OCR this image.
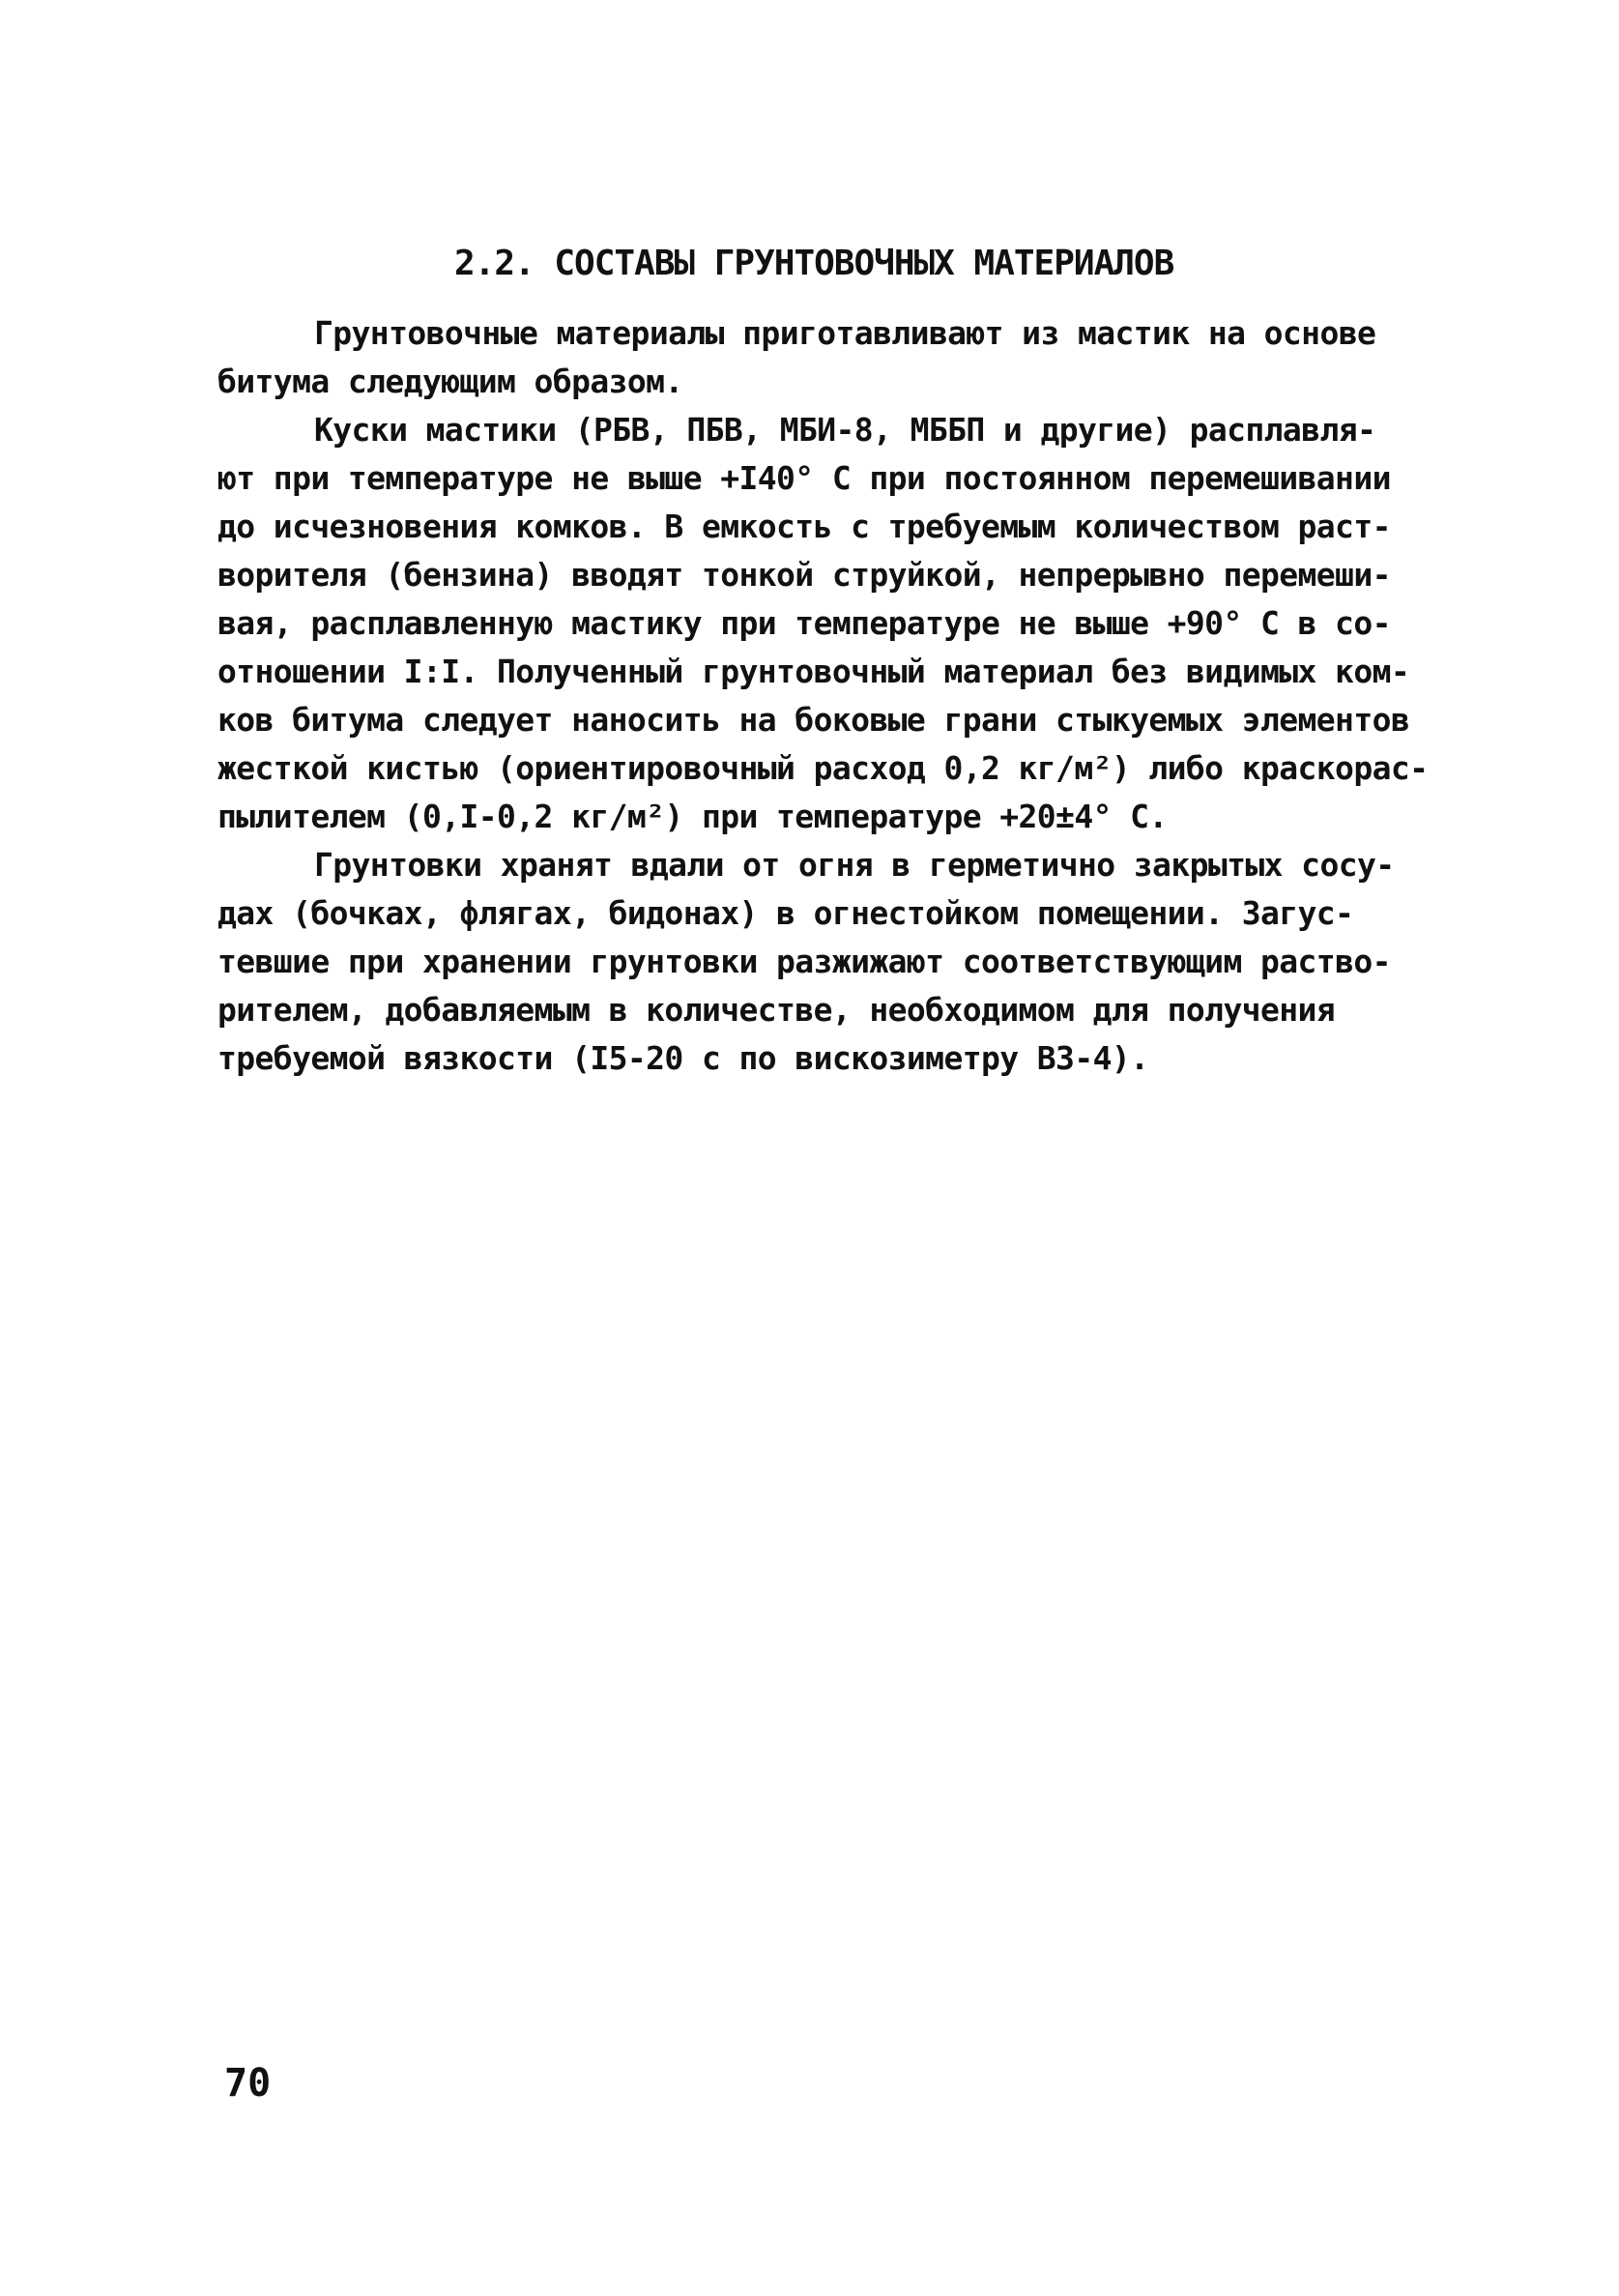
2.2. СОСТАВЫ ГРУНТОВОЧНЫХ МАТЕРИАЛОВ
Грунтовочные материалы приготавливают из мастик на основе
битума следующим образом.
Куски мастики (РБВ, ПБВ, МБИ-8, МББП и другие) расплавля-
ют при температуре не выше +I40° С при постоянном перемешивании
до исчезновения комков. В емкость с требуемым количеством раст-
ворителя (бензина) вводят тонкой струйкой, непрерывно перемеши-
вая, расплавленную мастику при температуре не выше +90° С в со-
отношении I:I. Полученный грунтовочный материал без видимых ком-
ков битума следует наносить на боковые грани стыкуемых элементов
жесткой кистью (ориентировочный расход 0,2 кг/м²) либо краскорас-
пылителем (0,I-0,2 кг/м²) при температуре +20±4° С.
Грунтовки хранят вдали от огня в герметично закрытых сосу-
дах (бочках, флягах, бидонах) в огнестойком помещении. Загус-
тевшие при хранении грунтовки разжижают соответствующим раство-
рителем, добавляемым в количестве, необходимом для получения
требуемой вязкости (I5-20 с по вискозиметру ВЗ-4).
70
